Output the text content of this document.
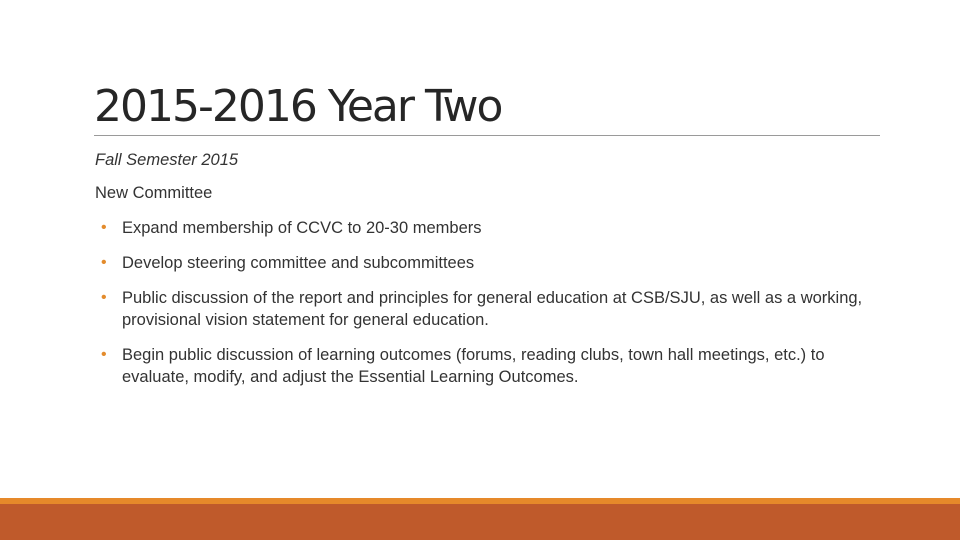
2015-2016 Year Two
Fall Semester 2015
New Committee
• Expand membership of CCVC to 20-30 members
• Develop steering committee and subcommittees
• Public discussion of the report and principles for general education at CSB/SJU, as well as a working, provisional vision statement for general education.
• Begin public discussion of learning outcomes (forums, reading clubs, town hall meetings, etc.) to evaluate, modify, and adjust the Essential Learning Outcomes.
